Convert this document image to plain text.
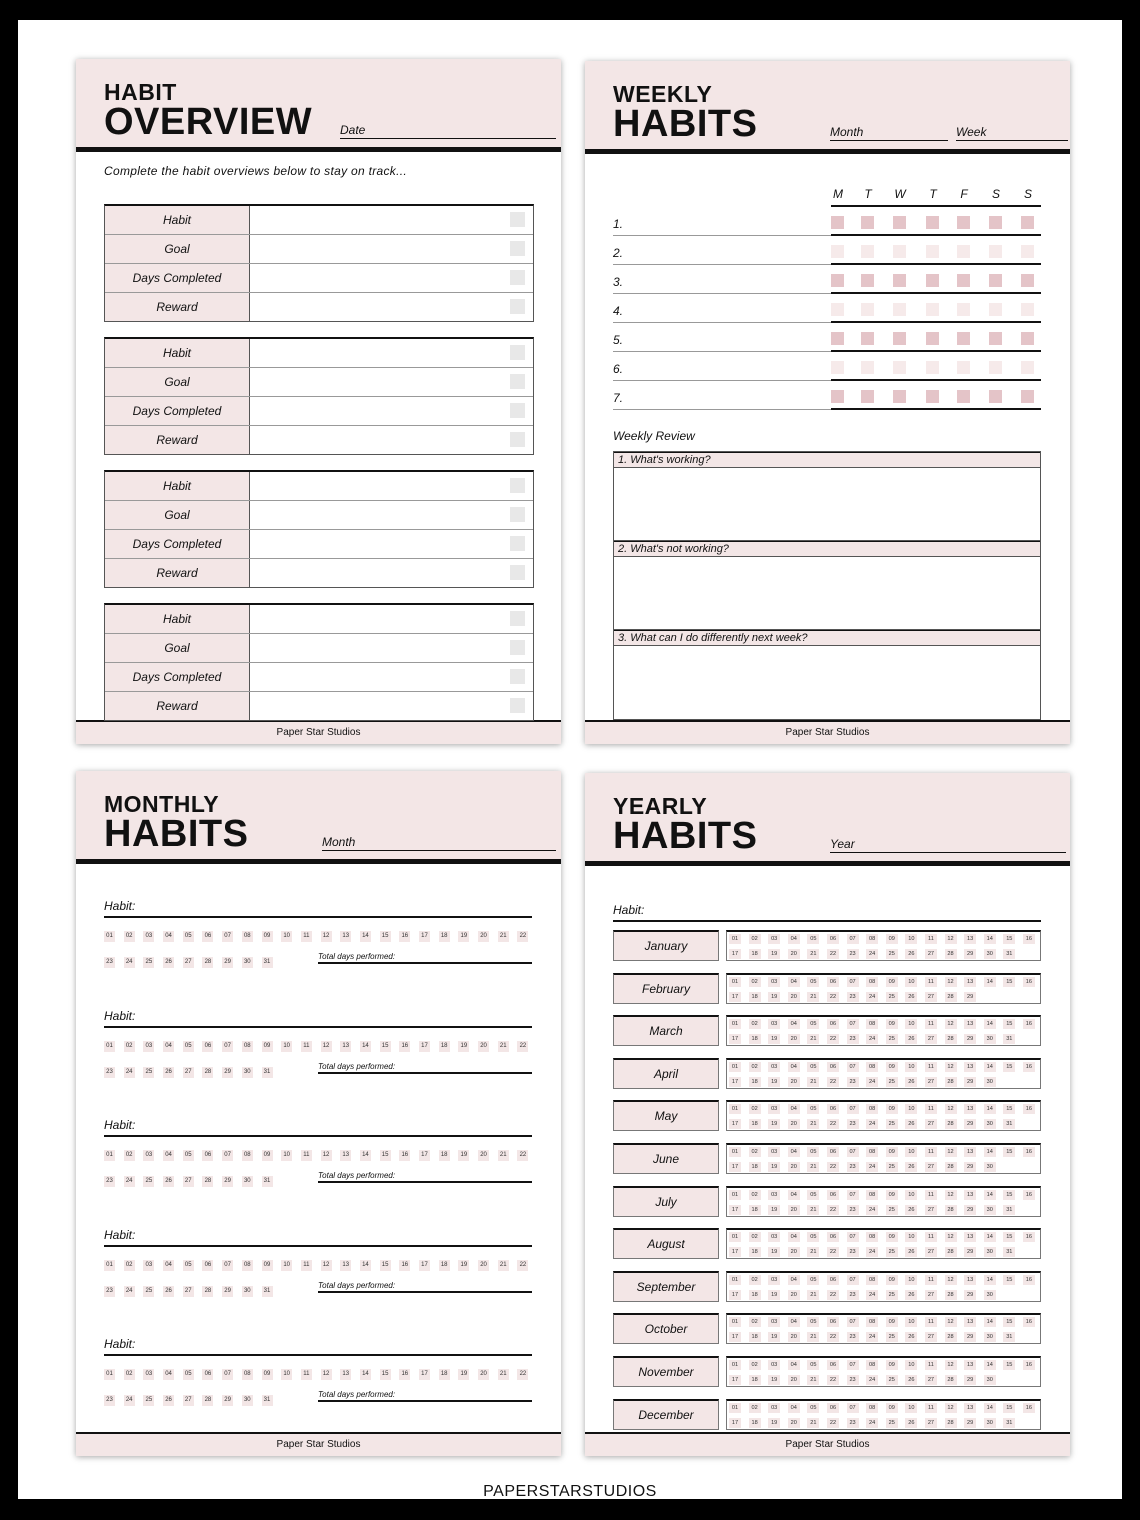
HABIT
OVERVIEW Date
Complete the habit overviews below to stay on track...
Paper Star Studios
Habit
Goal
Days Completed
Reward
Habit
Goal
Days Completed
Reward
Habit
Goal
Days Completed
Reward
Habit
Goal
Days Completed
Reward
WEEKLY
HABITS	Month	Week
M T W T F S S
Weekly Review
Paper Star Studios
1.
2.
3.
4.
5.
6.
7.
1. What's working?
2. What's not working?
3. What can I do differently next week?
MONTHLY
HABITS	Month
Paper Star Studios
Habit:
01	02	03	04	05	06	07	08	09	10	11	12	13	14	15	16	17	18	19	20	21	22
23	24	25	26	27	28	29	30	31
Total days performed:
Habit:
01	02	03	04	05	06	07	08	09	10	11	12	13	14	15	16	17	18	19	20	21	22
23	24	25	26	27	28	29	30	31
Total days performed:
Habit:
01	02	03	04	05	06	07	08	09	10	11	12	13	14	15	16	17	18	19	20	21	22
23	24	25	26	27	28	29	30	31
Total days performed:
Habit:
01	02	03	04	05	06	07	08	09	10	11	12	13	14	15	16	17	18	19	20	21	22
23	24	25	26	27	28	29	30	31
Total days performed:
Habit:
01	02	03	04	05	06	07	08	09	10	11	12	13	14	15	16	17	18	19	20	21	22
23	24	25	26	27	28	29	30	31
Total days performed:
YEARLY
HABITS	Year
Habit:
Paper Star Studios
January	01	02	03	04	05	06	07	08	09	10	11	12	13	14	15	16
17	18	19	20	21	22	23	24	25	26	27	28	29	30	31
February	01	02	03	04	05	06	07	08	09	10	11	12	13	14	15	16
17	18	19	20	21	22	23	24	25	26	27	28	29
March	01	02	03	04	05	06	07	08	09	10	11	12	13	14	15	16
17	18	19	20	21	22	23	24	25	26	27	28	29	30	31
April	01	02	03	04	05	06	07	08	09	10	11	12	13	14	15	16
17	18	19	20	21	22	23	24	25	26	27	28	29	30
May	01	02	03	04	05	06	07	08	09	10	11	12	13	14	15	16
17	18	19	20	21	22	23	24	25	26	27	28	29	30	31
June	01	02	03	04	05	06	07	08	09	10	11	12	13	14	15	16
17	18	19	20	21	22	23	24	25	26	27	28	29	30
July	01	02	03	04	05	06	07	08	09	10	11	12	13	14	15	16
17	18	19	20	21	22	23	24	25	26	27	28	29	30	31
August	01	02	03	04	05	06	07	08	09	10	11	12	13	14	15	16
17	18	19	20	21	22	23	24	25	26	27	28	29	30	31
September	01	02	03	04	05	06	07	08	09	10	11	12	13	14	15	16
17	18	19	20	21	22	23	24	25	26	27	28	29	30
October	01	02	03	04	05	06	07	08	09	10	11	12	13	14	15	16
17	18	19	20	21	22	23	24	25	26	27	28	29	30	31
November	01	02	03	04	05	06	07	08	09	10	11	12	13	14	15	16
17	18	19	20	21	22	23	24	25	26	27	28	29	30
December	01	02	03	04	05	06	07	08	09	10	11	12	13	14	15	16
17	18	19	20	21	22	23	24	25	26	27	28	29	30	31
PAPERSTARSTUDIOS
